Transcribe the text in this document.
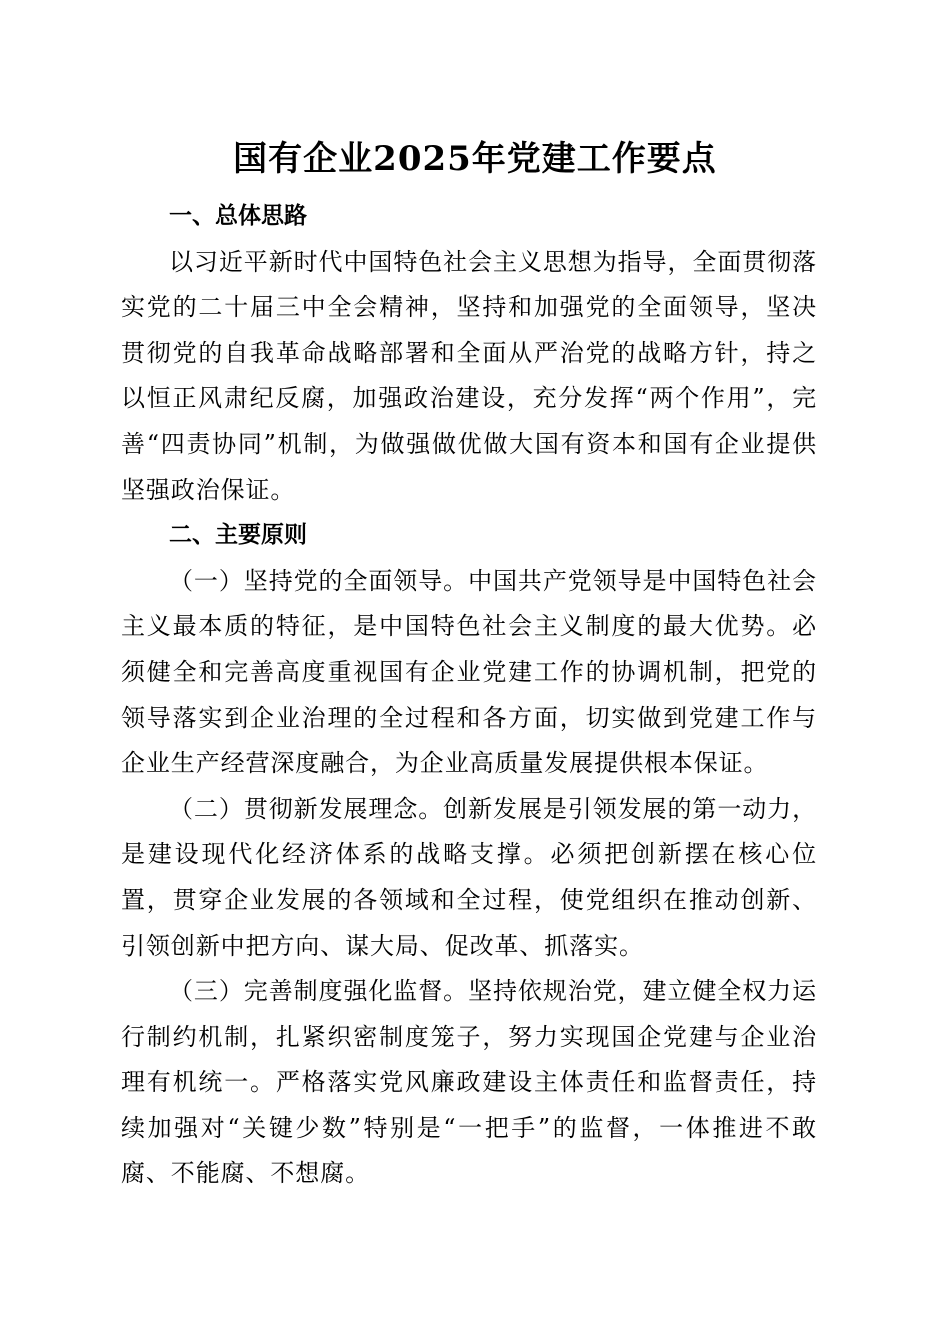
国有企业2025年党建工作要点
一、总体思路

以习近平新时代中国特色社会主义思想为指导，全面贯彻落实党的二十届三中全会精神，坚持和加强党的全面领导，坚决贯彻党的自我革命战略部署和全面从严治党的战略方针，持之以恒正风肃纪反腐，加强政治建设，充分发挥“两个作用”，完善“四责协同”机制，为做强做优做大国有资本和国有企业提供坚强政治保证。

二、主要原则

（一）坚持党的全面领导。中国共产党领导是中国特色社会主义最本质的特征，是中国特色社会主义制度的最大优势。必须健全和完善高度重视国有企业党建工作的协调机制，把党的领导落实到企业治理的全过程和各方面，切实做到党建工作与企业生产经营深度融合，为企业高质量发展提供根本保证。

（二）贯彻新发展理念。创新发展是引领发展的第一动力，是建设现代化经济体系的战略支撑。必须把创新摆在核心位置，贯穿企业发展的各领域和全过程，使党组织在推动创新、引领创新中把方向、谋大局、促改革、抓落实。

（三）完善制度强化监督。坚持依规治党，建立健全权力运行制约机制，扎紧织密制度笼子，努力实现国企党建与企业治理有机统一。严格落实党风廉政建设主体责任和监督责任，持续加强对“关键少数”特别是“一把手”的监督，一体推进不敢腐、不能腐、不想腐。
